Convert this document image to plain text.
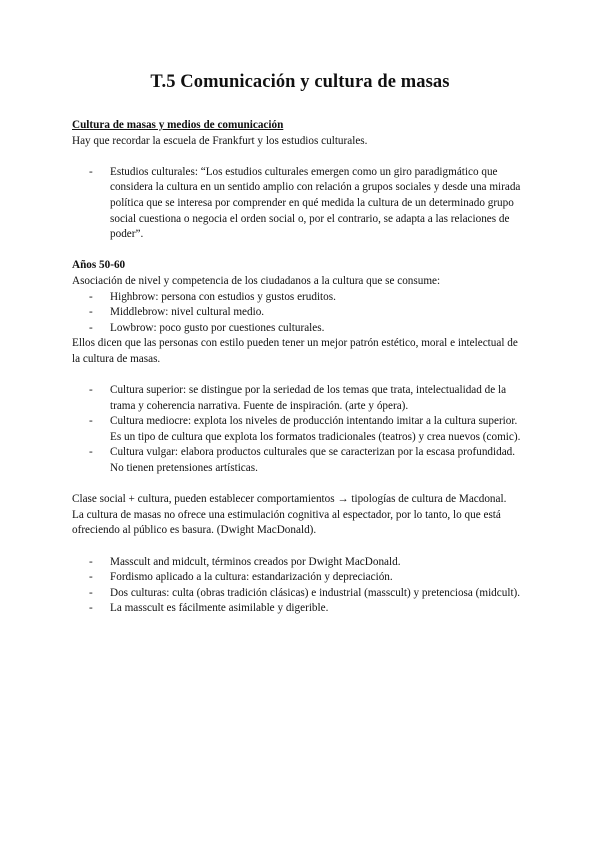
T.5 Comunicación y cultura de masas

Cultura de masas y medios de comunicación

Hay que recordar la escuela de Frankfurt y los estudios culturales.

- Estudios culturales: “Los estudios culturales emergen como un giro paradigmático que considera la cultura en un sentido amplio con relación a grupos sociales y desde una mirada política que se interesa por comprender en qué medida la cultura de un determinado grupo social cuestiona o negocia el orden social o, por el contrario, se adapta a las relaciones de poder”.

Años 50-60

Asociación de nivel y competencia de los ciudadanos a la cultura que se consume:

- Highbrow: persona con estudios y gustos eruditos.
- Middlebrow: nivel cultural medio.
- Lowbrow: poco gusto por cuestiones culturales.

Ellos dicen que las personas con estilo pueden tener un mejor patrón estético, moral e intelectual de la cultura de masas.

- Cultura superior: se distingue por la seriedad de los temas que trata, intelectualidad de la trama y coherencia narrativa. Fuente de inspiración. (arte y ópera).
- Cultura mediocre: explota los niveles de producción intentando imitar a la cultura superior. Es un tipo de cultura que explota los formatos tradicionales (teatros) y crea nuevos (comic).
- Cultura vulgar: elabora productos culturales que se caracterizan por la escasa profundidad. No tienen pretensiones artísticas.

Clase social + cultura, pueden establecer comportamientos → tipologías de cultura de Macdonal.

La cultura de masas no ofrece una estimulación cognitiva al espectador, por lo tanto, lo que está ofreciendo al público es basura. (Dwight MacDonald).

- Masscult and midcult, términos creados por Dwight MacDonald.
- Fordismo aplicado a la cultura: estandarización y depreciación.
- Dos culturas: culta (obras tradición clásicas) e industrial (masscult) y pretenciosa (midcult).
- La masscult es fácilmente asimilable y digerible.
